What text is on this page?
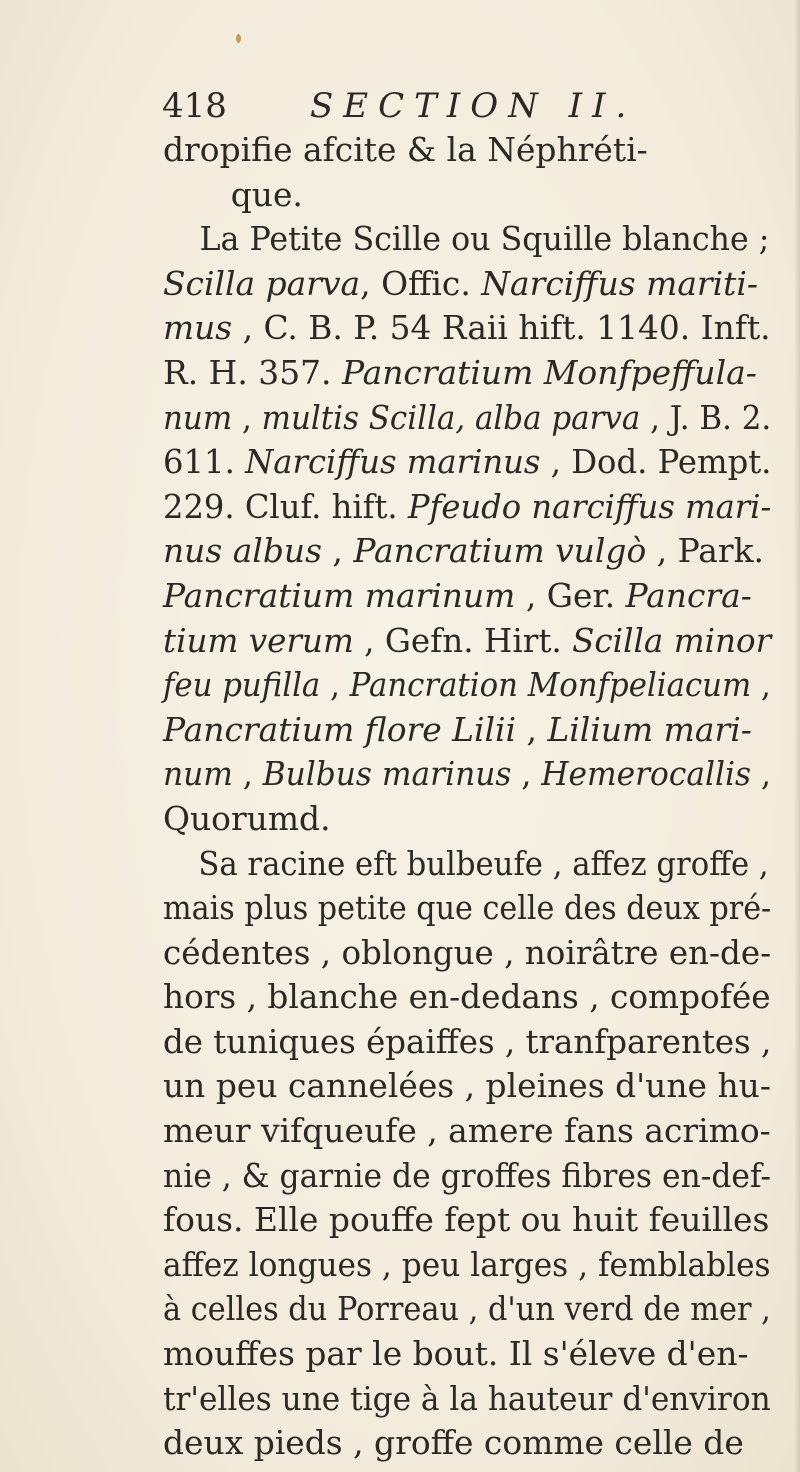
418 SECTION II.
dropifie afcite & la Néphréti-
que.
La Petite Scille ou Squille blanche ;
Scilla parva, Offic. Narciffus mariti-
mus , C. B. P. 54 Raii hift. 1140. Inft.
R. H. 357. Pancratium Monfpeffula-
num , multis Scilla, alba parva , J. B. 2.
611. Narciffus marinus , Dod. Pempt.
229. Cluf. hift. Pfeudo narciffus mari-
nus albus , Pancratium vulgò , Park.
Pancratium marinum , Ger. Pancra-
tium verum , Gefn. Hirt. Scilla minor
feu pufilla , Pancration Monfpeliacum ,
Pancratium flore Lilii , Lilium mari-
num , Bulbus marinus , Hemerocallis ,
Quorumd.
Sa racine eft bulbeufe , affez groffe ,
mais plus petite que celle des deux pré-
cédentes , oblongue , noirâtre en-de-
hors , blanche en-dedans , compofée
de tuniques épaiffes , tranfparentes ,
un peu cannelées , pleines d'une hu-
meur vifqueufe , amere fans acrimo-
nie , & garnie de groffes fibres en-def-
fous. Elle pouffe fept ou huit feuilles
affez longues , peu larges , femblables
à celles du Porreau , d'un verd de mer ,
mouffes par le bout. Il s'éleve d'en-
tr'elles une tige à la hauteur d'environ
deux pieds , groffe comme celle de
